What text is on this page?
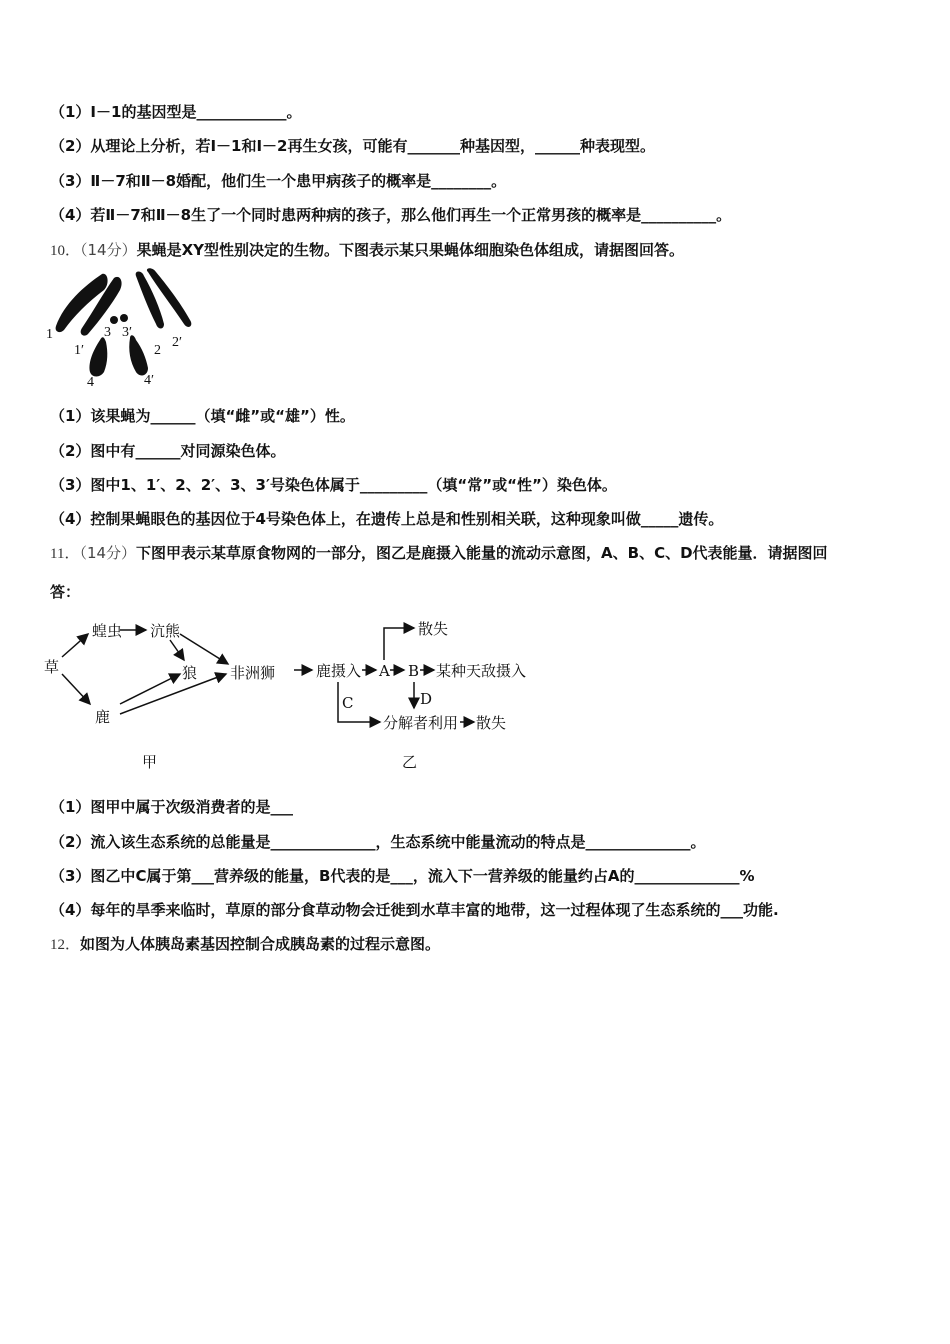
（1）Ⅰ－1的基因型是____________。
（2）从理论上分析，若Ⅰ－1和Ⅰ－2再生女孩，可能有_______种基因型，______种表现型。
（3）Ⅱ－7和Ⅱ－8婚配，他们生一个患甲病孩子的概率是________。
（4）若Ⅱ－7和Ⅱ－8生了一个同时患两种病的孩子，那么他们再生一个正常男孩的概率是__________。
10．（14分）果蝇是XY型性别决定的生物。下图表示某只果蝇体细胞染色体组成，请据图回答。
1
1′
3 3′
2
2′
4	4′
（1）该果蝇为______（填“雌”或“雄”）性。
（2）图中有______对同源染色体。
（3）图中1、1′、2、2′、3、3′号染色体属于_________（填“常”或“性”）染色体。
（4）控制果蝇眼色的基因位于4号染色体上，在遗传上总是和性别相关联，这种现象叫做_____遗传。
11．（14分）下图甲表示某草原食物网的一部分，图乙是鹿摄入能量的流动示意图，A、B、C、D代表能量．请据图回
答：
草
蝗虫 沆熊
狼 非洲狮
鹿
甲
鹿摄入 A B 某种天敌摄入
散失
C	D
分解者利用 散失
乙
（1）图甲中属于次级消费者的是___
（2）流入该生态系统的总能量是______________，生态系统中能量流动的特点是______________。
（3）图乙中C属于第___营养级的能量，B代表的是___，流入下一营养级的能量约占A的______________%
（4）每年的旱季来临时，草原的部分食草动物会迁徙到水草丰富的地带，这一过程体现了生态系统的___功能.
12．如图为人体胰岛素基因控制合成胰岛素的过程示意图。
